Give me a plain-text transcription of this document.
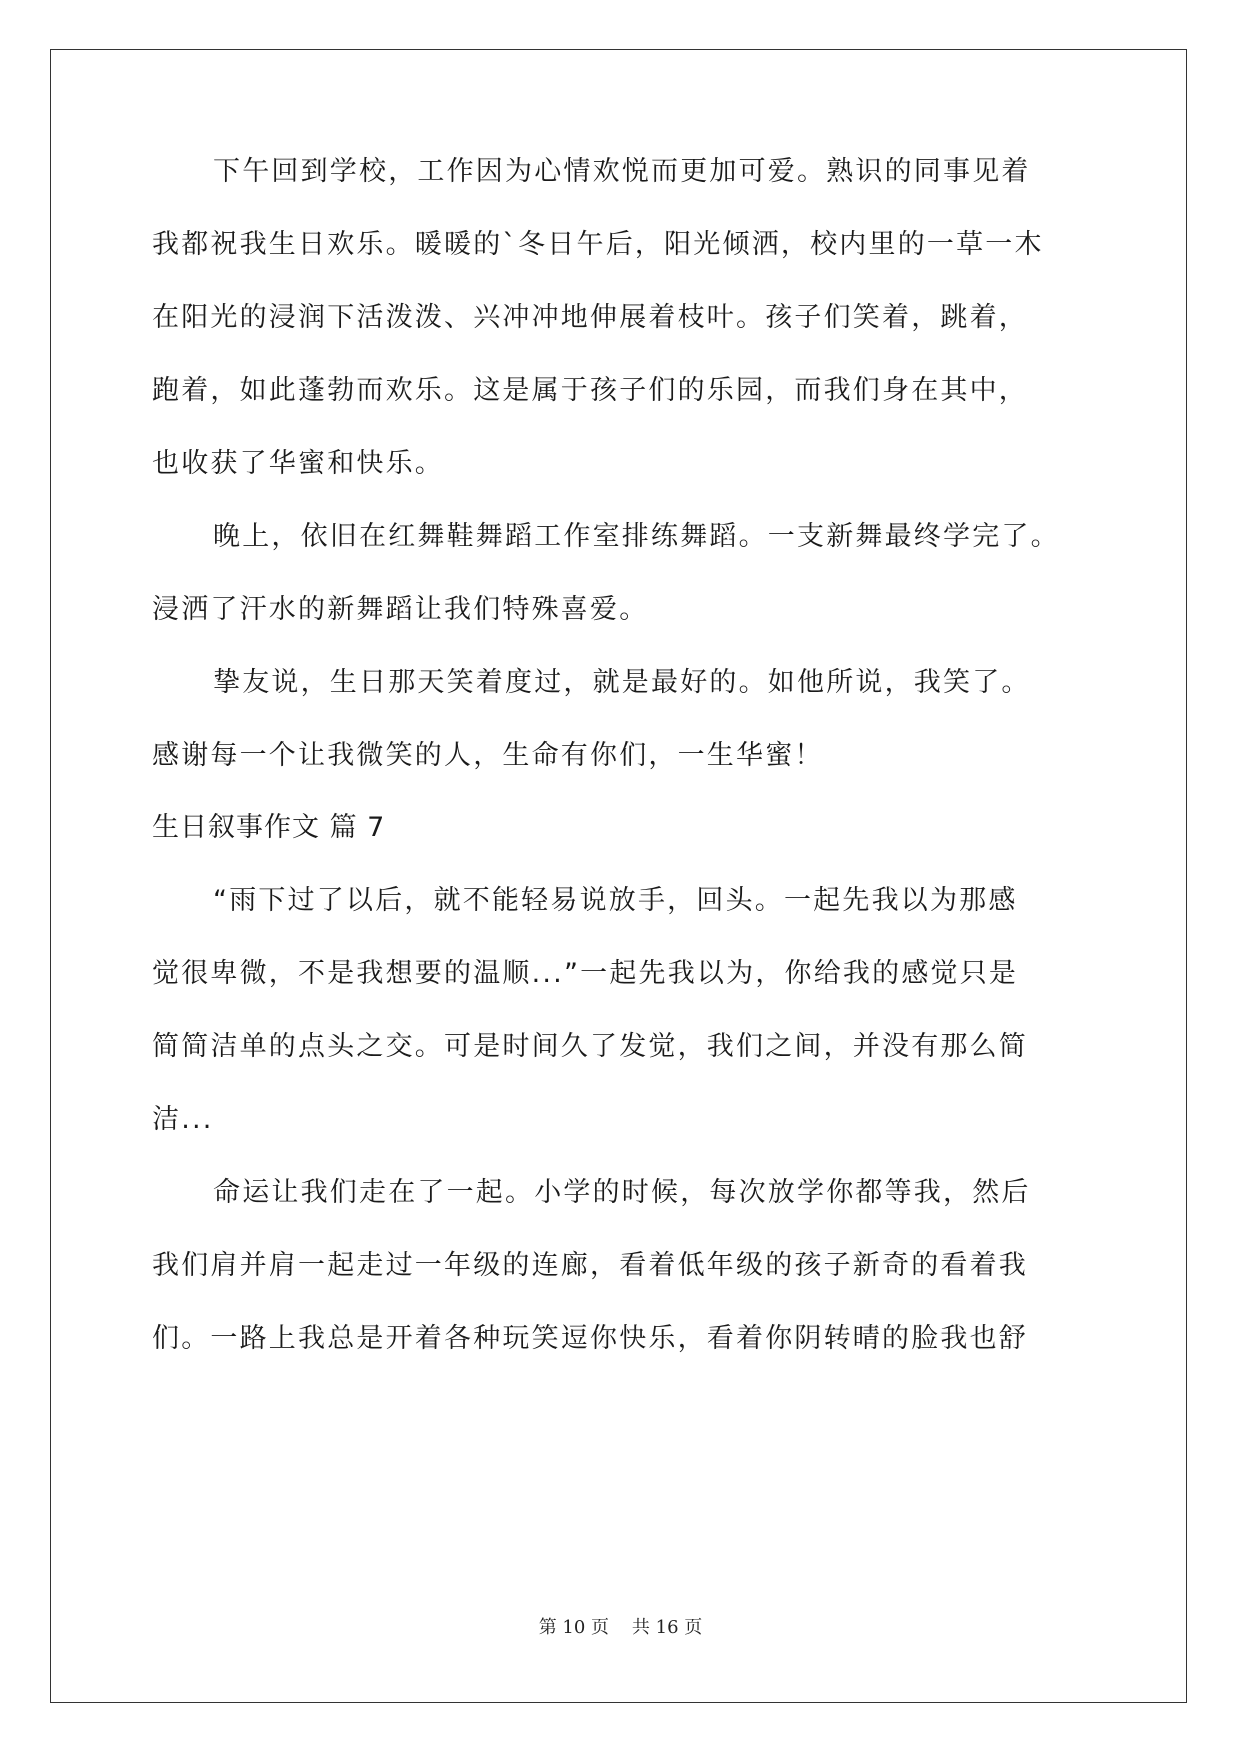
下午回到学校，工作因为心情欢悦而更加可爱。熟识的同事见着
我都祝我生日欢乐。暖暖的`冬日午后，阳光倾洒，校内里的一草一木
在阳光的浸润下活泼泼、兴冲冲地伸展着枝叶。孩子们笑着，跳着，
跑着，如此蓬勃而欢乐。这是属于孩子们的乐园，而我们身在其中，
也收获了华蜜和快乐。
晚上，依旧在红舞鞋舞蹈工作室排练舞蹈。一支新舞最终学完了。
浸洒了汗水的新舞蹈让我们特殊喜爱。
挚友说，生日那天笑着度过，就是最好的。如他所说，我笑了。
感谢每一个让我微笑的人，生命有你们，一生华蜜！
生日叙事作文 篇 7
“雨下过了以后，就不能轻易说放手，回头。一起先我以为那感
觉很卑微，不是我想要的温顺...”一起先我以为，你给我的感觉只是
简简洁单的点头之交。可是时间久了发觉，我们之间，并没有那么简
洁...
命运让我们走在了一起。小学的时候，每次放学你都等我，然后
我们肩并肩一起走过一年级的连廊，看着低年级的孩子新奇的看着我
们。一路上我总是开着各种玩笑逗你快乐，看着你阴转晴的脸我也舒
第 10 页    共 16 页
